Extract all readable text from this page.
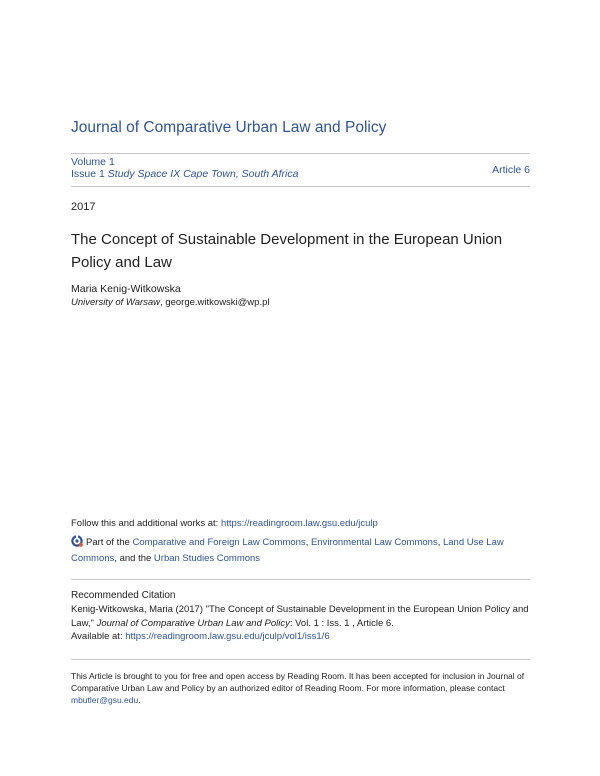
Journal of Comparative Urban Law and Policy
Volume 1
Issue 1 Study Space IX Cape Town, South Africa	Article 6
2017
The Concept of Sustainable Development in the European Union Policy and Law
Maria Kenig-Witkowska
University of Warsaw, george.witkowski@wp.pl
Follow this and additional works at: https://readingroom.law.gsu.edu/jculp
Part of the Comparative and Foreign Law Commons, Environmental Law Commons, Land Use Law Commons, and the Urban Studies Commons
Recommended Citation
Kenig-Witkowska, Maria (2017) "The Concept of Sustainable Development in the European Union Policy and Law," Journal of Comparative Urban Law and Policy: Vol. 1 : Iss. 1 , Article 6.
Available at: https://readingroom.law.gsu.edu/jculp/vol1/iss1/6
This Article is brought to you for free and open access by Reading Room. It has been accepted for inclusion in Journal of Comparative Urban Law and Policy by an authorized editor of Reading Room. For more information, please contact mbutler@gsu.edu.
